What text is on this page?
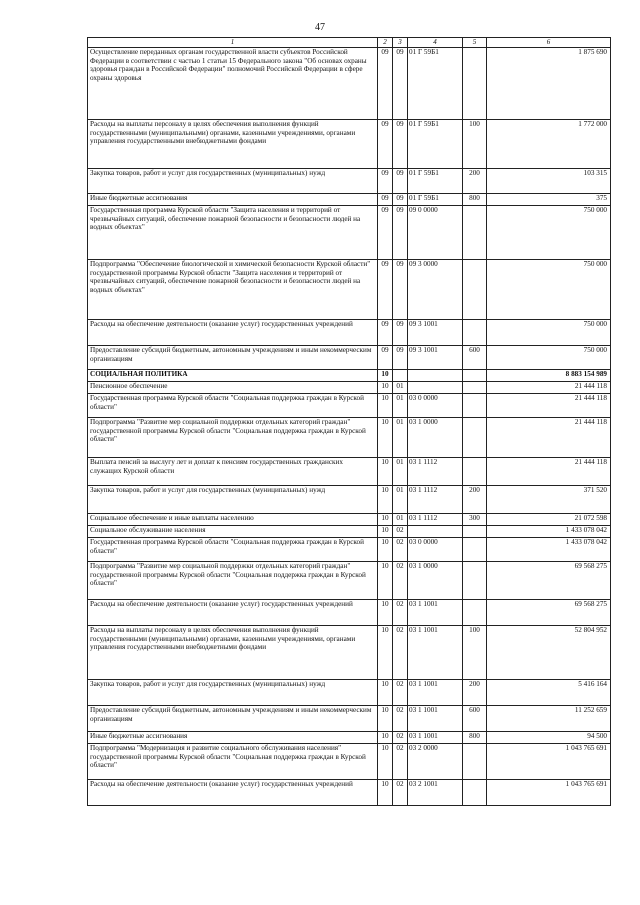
47
1	2	3	4	5	6
Осуществление переданных органам государственной власти субъектов Российской Федерации в соответствии с частью 1 статьи 15 Федерального закона "Об основах охраны здоровья граждан в Российской Федерации" полномочий Российской Федерации в сфере охраны здоровья	09	09	01 Г 59Б1		1 875 690
Расходы на выплаты персоналу в целях обеспечения выполнения функций государственными (муниципальными) органами, казенными учреждениями, органами управления государственными внебюджетными фондами	09	09	01 Г 59Б1	100	1 772 000
Закупка товаров, работ и услуг для государственных (муниципальных) нужд	09	09	01 Г 59Б1	200	103 315
Иные бюджетные ассигнования	09	09	01 Г 59Б1	800	375
Государственная программа Курской области "Защита населения и территорий от чрезвычайных ситуаций, обеспечение пожарной безопасности и безопасности людей на водных объектах"	09	09	09 0 0000		750 000
Подпрограмма "Обеспечение биологической и химической безопасности Курской области" государственной программы Курской области "Защита населения и территорий от чрезвычайных ситуаций, обеспечение пожарной безопасности и безопасности людей на водных объектах"	09	09	09 3 0000		750 000
Расходы на обеспечение деятельности (оказание услуг) государственных учреждений	09	09	09 3 1001		750 000
Предоставление субсидий бюджетным, автономным учреждениям и иным некоммерческим организациям	09	09	09 3 1001	600	750 000
СОЦИАЛЬНАЯ ПОЛИТИКА	10				8 883 154 989
Пенсионное обеспечение	10	01			21 444 118
Государственная программа Курской области "Социальная поддержка граждан в Курской области"	10	01	03 0 0000		21 444 118
Подпрограмма "Развитие мер социальной поддержки отдельных категорий граждан" государственной программы Курской области "Социальная поддержка граждан в Курской области"	10	01	03 1 0000		21 444 118
Выплата пенсий за выслугу лет и доплат к пенсиям государственных гражданских служащих Курской области	10	01	03 1 1112		21 444 118
Закупка товаров, работ и услуг для государственных (муниципальных) нужд	10	01	03 1 1112	200	371 520
Социальное обеспечение и иные выплаты населению	10	01	03 1 1112	300	21 072 598
Социальное обслуживание населения	10	02			1 433 078 042
Государственная программа Курской области "Социальная поддержка граждан в Курской области"	10	02	03 0 0000		1 433 078 042
Подпрограмма "Развитие мер социальной поддержки отдельных категорий граждан" государственной программы Курской области "Социальная поддержка граждан в Курской области"	10	02	03 1 0000		69 568 275
Расходы на обеспечение деятельности (оказание услуг) государственных учреждений	10	02	03 1 1001		69 568 275
Расходы на выплаты персоналу в целях обеспечения выполнения функций государственными (муниципальными) органами, казенными учреждениями, органами управления государственными внебюджетными фондами	10	02	03 1 1001	100	52 804 952
Закупка товаров, работ и услуг для государственных (муниципальных) нужд	10	02	03 1 1001	200	5 416 164
Предоставление субсидий бюджетным, автономным учреждениям и иным некоммерческим организациям	10	02	03 1 1001	600	11 252 659
Иные бюджетные ассигнования	10	02	03 1 1001	800	94 500
Подпрограмма "Модернизация и развитие социального обслуживания населения" государственной программы Курской области "Социальная поддержка граждан в Курской области"	10	02	03 2 0000		1 043 765 691
Расходы на обеспечение деятельности (оказание услуг) государственных учреждений	10	02	03 2 1001		1 043 765 691
